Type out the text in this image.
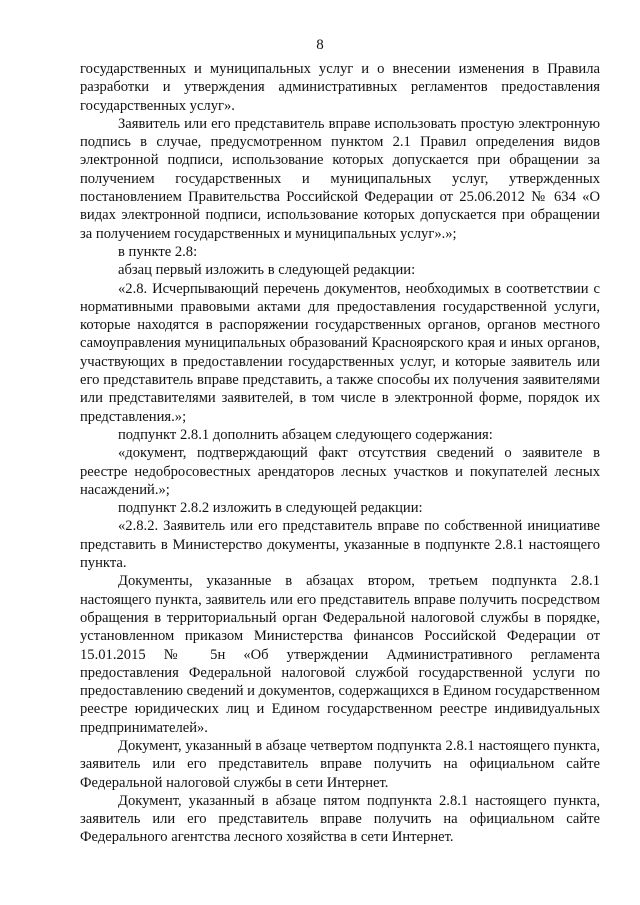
8

государственных и муниципальных услуг и о внесении изменения в Правила разработки и утверждения административных регламентов предоставления государственных услуг».

Заявитель или его представитель вправе использовать простую электронную подпись в случае, предусмотренном пунктом 2.1 Правил определения видов электронной подписи, использование которых допускается при обращении за получением государственных и муниципальных услуг, утвержденных постановлением Правительства Российской Федерации от 25.06.2012 № 634 «О видах электронной подписи, использование которых допускается при обращении за получением государственных и муниципальных услуг».»;

в пункте 2.8:

абзац первый изложить в следующей редакции:

«2.8. Исчерпывающий перечень документов, необходимых в соответствии с нормативными правовыми актами для предоставления государственной услуги, которые находятся в распоряжении государственных органов, органов местного самоуправления муниципальных образований Красноярского края и иных органов, участвующих в предоставлении государственных услуг, и которые заявитель или его представитель вправе представить, а также способы их получения заявителями или представителями заявителей, в том числе в электронной форме, порядок их представления.»;

подпункт 2.8.1 дополнить абзацем следующего содержания:

«документ, подтверждающий факт отсутствия сведений о заявителе в реестре недобросовестных арендаторов лесных участков и покупателей лесных насаждений.»;

подпункт 2.8.2 изложить в следующей редакции:

«2.8.2. Заявитель или его представитель вправе по собственной инициативе представить в Министерство документы, указанные в подпункте 2.8.1 настоящего пункта.

Документы, указанные в абзацах втором, третьем подпункта 2.8.1 настоящего пункта, заявитель или его представитель вправе получить посредством обращения в территориальный орган Федеральной налоговой службы в порядке, установленном приказом Министерства финансов Российской Федерации от 15.01.2015 № 5н «Об утверждении Административного регламента предоставления Федеральной налоговой службой государственной услуги по предоставлению сведений и документов, содержащихся в Едином государственном реестре юридических лиц и Едином государственном реестре индивидуальных предпринимателей».

Документ, указанный в абзаце четвертом подпункта 2.8.1 настоящего пункта, заявитель или его представитель вправе получить на официальном сайте Федеральной налоговой службы в сети Интернет.

Документ, указанный в абзаце пятом подпункта 2.8.1 настоящего пункта, заявитель или его представитель вправе получить на официальном сайте Федерального агентства лесного хозяйства в сети Интернет.
